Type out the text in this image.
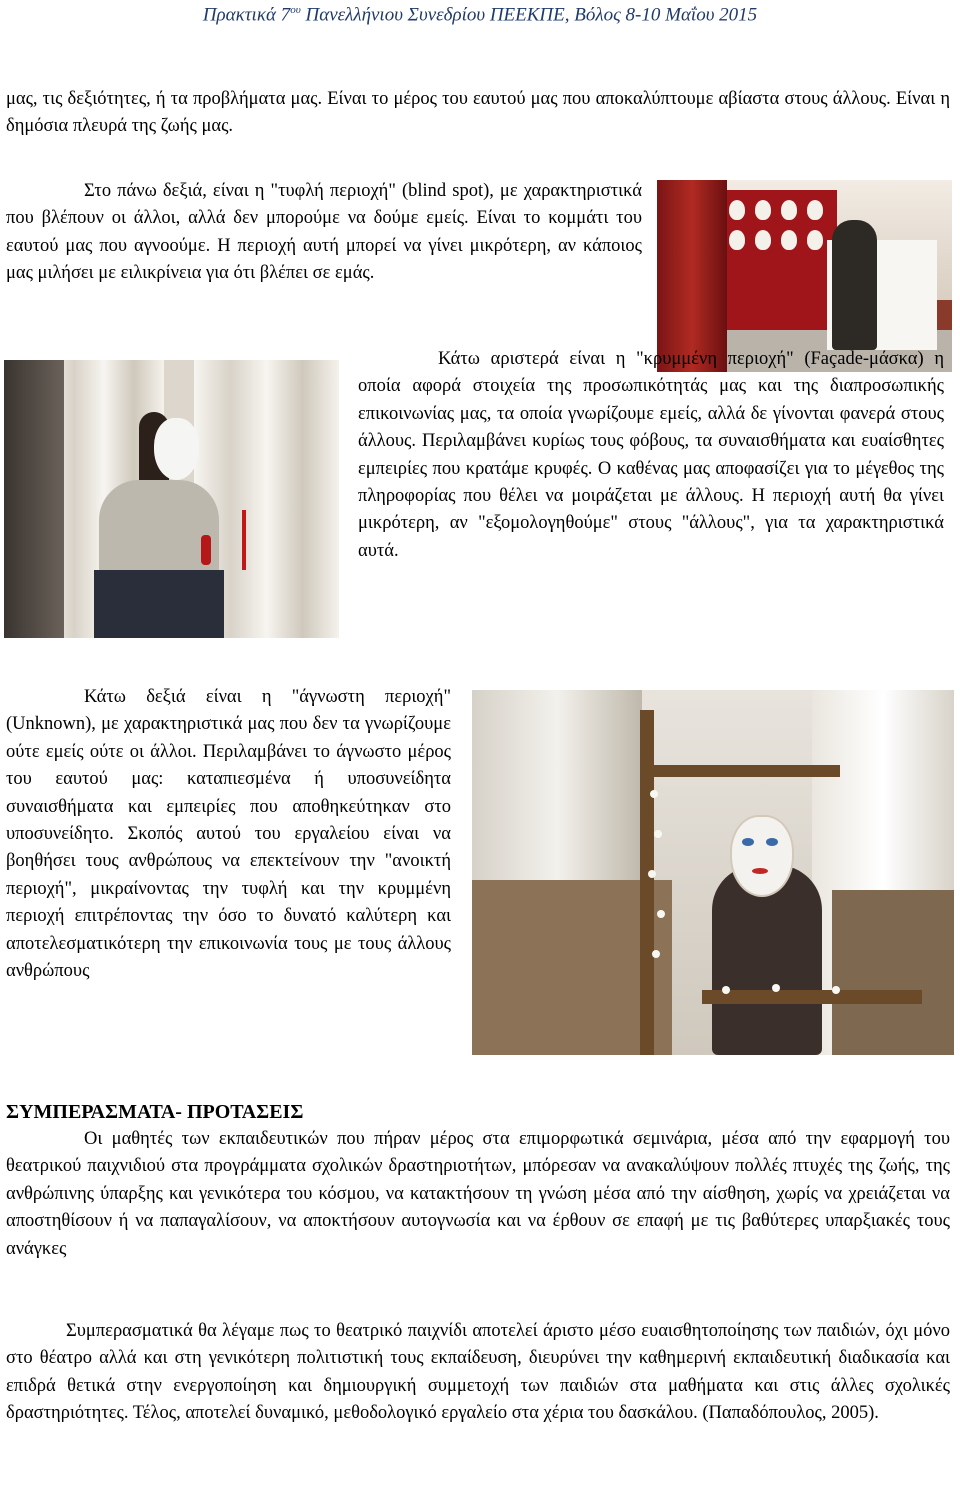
Πρακτικά $7^{o\upsilon}$ Πανελλήνιου Συνεδρίου ΠΕΕΚΠΕ, Βόλος 8-10 Μαΐου 2015

μας, τις δεξιότητες, ή τα προβλήματα μας. Είναι το μέρος του εαυτού μας που αποκαλύπτουμε αβίαστα στους άλλους. Είναι η δημόσια πλευρά της ζωής μας.

Στο πάνω δεξιά, είναι η "τυφλή περιοχή" (blind spot), με χαρακτηριστικά που βλέπουν οι άλλοι, αλλά δεν μπορούμε να δούμε εμείς. Είναι το κομμάτι του εαυτού μας που αγνοούμε. Η περιοχή αυτή μπορεί να γίνει μικρότερη, αν κάποιος μας μιλήσει με ειλικρίνεια για ότι βλέπει σε εμάς.

Κάτω αριστερά είναι η "κρυμμένη περιοχή" (Façade-μάσκα) η οποία αφορά στοιχεία της προσωπικότητάς μας και της διαπροσωπικής επικοινωνίας μας, τα οποία γνωρίζουμε εμείς, αλλά δε γίνονται φανερά στους άλλους. Περιλαμβάνει κυρίως τους φόβους, τα συναισθήματα και ευαίσθητες εμπειρίες που κρατάμε κρυφές. Ο καθένας μας αποφασίζει για το μέγεθος της πληροφορίας που θέλει να μοιράζεται με άλλους. Η περιοχή αυτή θα γίνει μικρότερη, αν "εξομολογηθούμε" στους "άλλους", για τα χαρακτηριστικά αυτά.

Κάτω δεξιά είναι η "άγνωστη περιοχή" (Unknown), με χαρακτηριστικά μας που δεν τα γνωρίζουμε ούτε εμείς ούτε οι άλλοι. Περιλαμβάνει το άγνωστο μέρος του εαυτού μας: καταπιεσμένα ή υποσυνείδητα συναισθήματα και εμπειρίες που αποθηκεύτηκαν στο υποσυνείδητο. Σκοπός αυτού του εργαλείου είναι να βοηθήσει τους ανθρώπους να επεκτείνουν την "ανοικτή περιοχή", μικραίνοντας την τυφλή και την κρυμμένη περιοχή επιτρέποντας την όσο το δυνατό καλύτερη και αποτελεσματικότερη την επικοινωνία τους με τους άλλους ανθρώπους

ΣΥΜΠΕΡΑΣΜΑΤΑ- ΠΡΟΤΑΣΕΙΣ

Οι μαθητές των εκπαιδευτικών που πήραν μέρος στα επιμορφωτικά σεμινάρια, μέσα από την εφαρμογή του θεατρικού παιχνιδιού στα προγράμματα σχολικών δραστηριοτήτων, μπόρεσαν να ανακαλύψουν πολλές πτυχές της ζωής, της ανθρώπινης ύπαρξης και γενικότερα του κόσμου, να κατακτήσουν τη γνώση μέσα από την αίσθηση, χωρίς να χρειάζεται να αποστηθίσουν ή να παπαγαλίσουν, να αποκτήσουν αυτογνωσία και να έρθουν σε επαφή με τις βαθύτερες υπαρξιακές τους ανάγκες

Συμπερασματικά θα λέγαμε πως το θεατρικό παιχνίδι αποτελεί άριστο μέσο ευαισθητοποίησης των παιδιών, όχι μόνο στο θέατρο αλλά και στη γενικότερη πολιτιστική τους εκπαίδευση, διευρύνει την καθημερινή εκπαιδευτική διαδικασία και επιδρά θετικά στην ενεργοποίηση και δημιουργική συμμετοχή των παιδιών στα μαθήματα και στις άλλες σχολικές δραστηριότητες. Τέλος, αποτελεί δυναμικό, μεθοδολογικό εργαλείο στα χέρια του δασκάλου. (Παπαδόπουλος, 2005).
